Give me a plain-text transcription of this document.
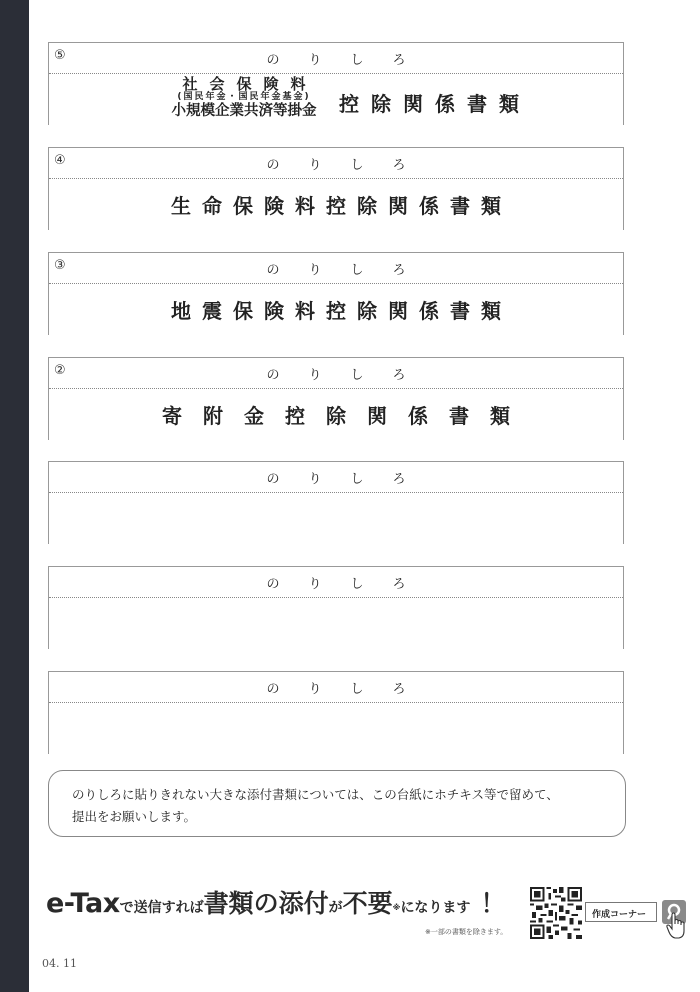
⑤	のりしろ
社会保険料
(国民年金・国民年金基金)
小規模企業共済等掛金	控除関係書類
④	のりしろ
生命保険料控除関係書類
③	のりしろ
地震保険料控除関係書類
②	のりしろ
寄附金控除関係書類
のりしろ
のりしろ
のりしろ
のりしろに貼りきれない大きな添付書類については、この台紙にホチキス等で留めて、
提出をお願いします。
e-Taxで送信すれば書類の添付が不要※になります ！
※一部の書類を除きます。
作成コーナー
04. 11
